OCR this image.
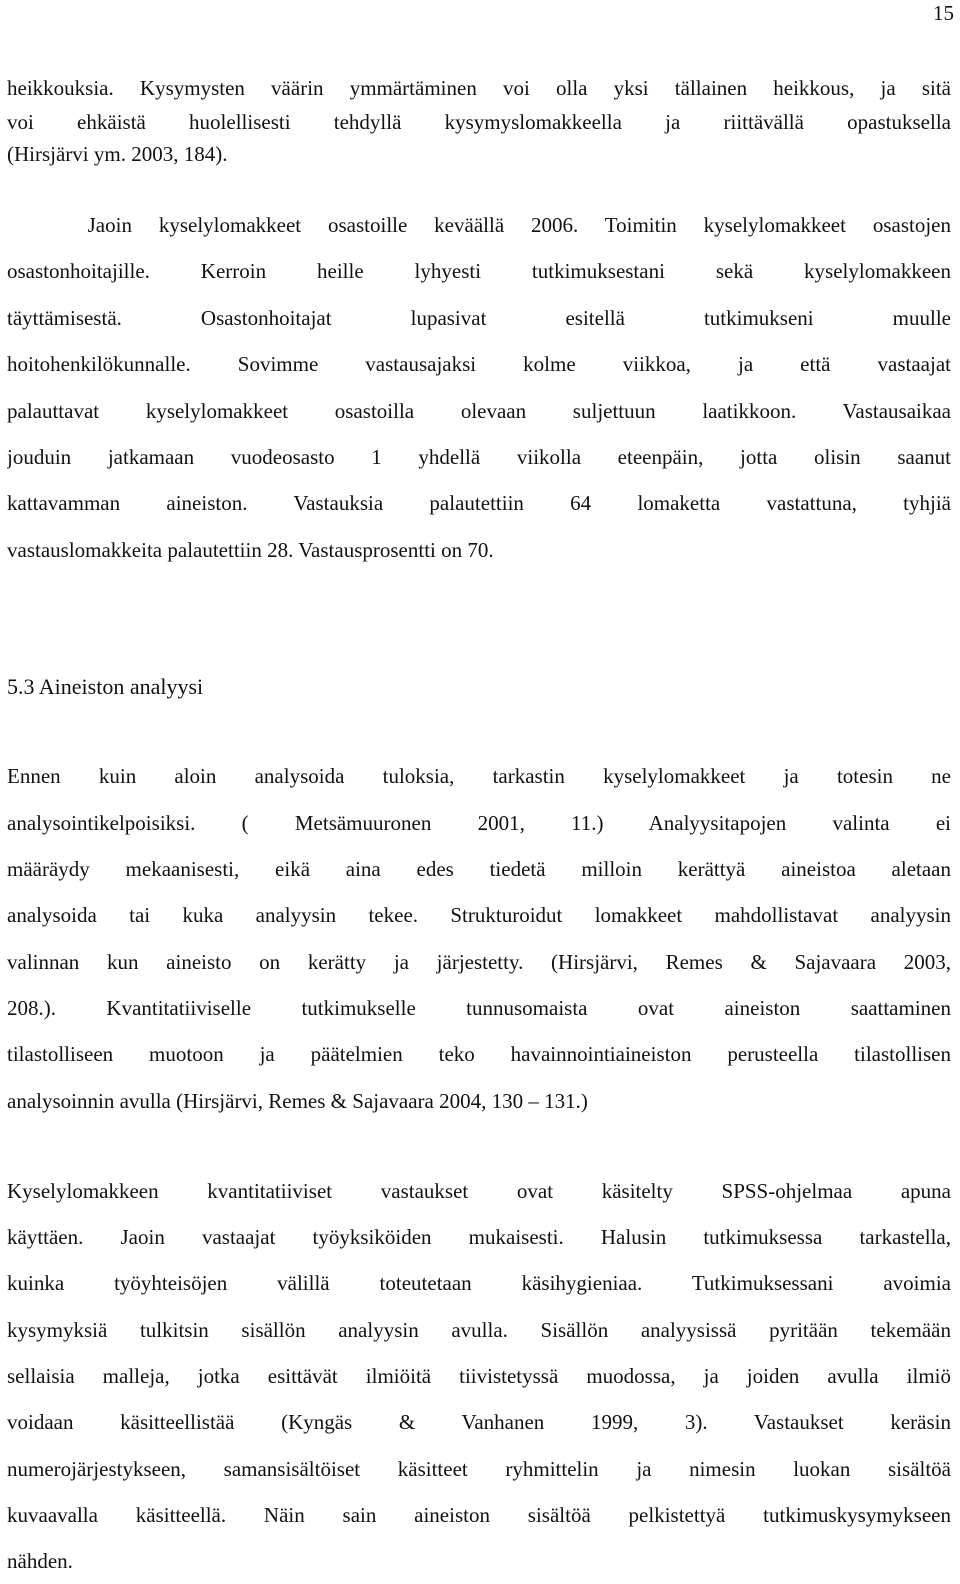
15
heikkouksia. Kysymysten väärin ymmärtäminen voi olla yksi tällainen heikkous, ja sitä
voi ehkäistä huolellisesti tehdyllä kysymyslomakkeella ja riittävällä opastuksella
(Hirsjärvi ym. 2003, 184).
Jaoin kyselylomakkeet osastoille keväällä 2006. Toimitin kyselylomakkeet osastojen
osastonhoitajille. Kerroin heille lyhyesti tutkimuksestani sekä kyselylomakkeen
täyttämisestä. Osastonhoitajat lupasivat esitellä tutkimukseni muulle
hoitohenkilökunnalle. Sovimme vastausajaksi kolme viikkoa, ja että vastaajat
palauttavat kyselylomakkeet osastoilla olevaan suljettuun laatikkoon. Vastausaikaa
jouduin jatkamaan vuodeosasto 1 yhdellä viikolla eteenpäin, jotta olisin saanut
kattavamman aineiston. Vastauksia palautettiin 64 lomaketta vastattuna, tyhjiä
vastauslomakkeita palautettiin 28. Vastausprosentti on 70.
5.3 Aineiston analyysi
Ennen kuin aloin analysoida tuloksia, tarkastin kyselylomakkeet ja totesin ne
analysointikelpoisiksi. ( Metsämuuronen 2001, 11.) Analyysitapojen valinta ei
määräydy mekaanisesti, eikä aina edes tiedetä milloin kerättyä aineistoa aletaan
analysoida tai kuka analyysin tekee. Strukturoidut lomakkeet mahdollistavat analyysin
valinnan kun aineisto on kerätty ja järjestetty. (Hirsjärvi, Remes & Sajavaara 2003,
208.). Kvantitatiiviselle tutkimukselle tunnusomaista ovat aineiston saattaminen
tilastolliseen muotoon ja päätelmien teko havainnointiaineiston perusteella tilastollisen
analysoinnin avulla (Hirsjärvi, Remes & Sajavaara 2004, 130 – 131.)
Kyselylomakkeen kvantitatiiviset vastaukset ovat käsitelty SPSS-ohjelmaa apuna
käyttäen. Jaoin vastaajat työyksiköiden mukaisesti. Halusin tutkimuksessa tarkastella,
kuinka työyhteisöjen välillä toteutetaan käsihygieniaa. Tutkimuksessani avoimia
kysymyksiä tulkitsin sisällön analyysin avulla. Sisällön analyysissä pyritään tekemään
sellaisia malleja, jotka esittävät ilmiöitä tiivistetyssä muodossa, ja joiden avulla ilmiö
voidaan käsitteellistää (Kyngäs & Vanhanen 1999, 3). Vastaukset keräsin
numerojärjestykseen, samansisältöiset käsitteet ryhmittelin ja nimesin luokan sisältöä
kuvaavalla käsitteellä. Näin sain aineiston sisältöä pelkistettyä tutkimuskysymykseen
nähden.
